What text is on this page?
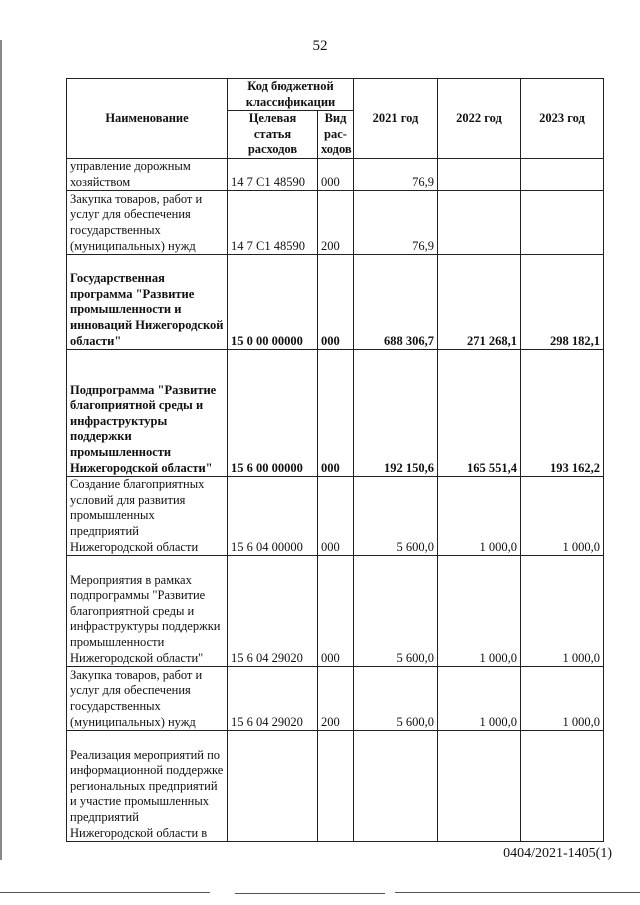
52
Наименование	Код бюджетной классификации		2021 год	2022 год	2023 год
	Целевая статья расходов	Вид рас-ходов			
управление дорожным хозяйством	14 7 С1 48590	000	76,9		
Закупка товаров, работ и услуг для обеспечения государственных (муниципальных) нужд	14 7 С1 48590	200	76,9		
Государственная программа "Развитие промышленности и инноваций Нижегородской области"	15 0 00 00000	000	688 306,7	271 268,1	298 182,1
Подпрограмма "Развитие благоприятной среды и инфраструктуры поддержки промышленности Нижегородской области"	15 6 00 00000	000	192 150,6	165 551,4	193 162,2
Создание благоприятных условий для развития промышленных предприятий Нижегородской области	15 6 04 00000	000	5 600,0	1 000,0	1 000,0
Мероприятия в рамках подпрограммы "Развитие благоприятной среды и инфраструктуры поддержки промышленности Нижегородской области"	15 6 04 29020	000	5 600,0	1 000,0	1 000,0
Закупка товаров, работ и услуг для обеспечения государственных (муниципальных) нужд	15 6 04 29020	200	5 600,0	1 000,0	1 000,0
Реализация мероприятий по информационной поддержке региональных предприятий и участие промышленных предприятий Нижегородской области в					
0404/2021-1405(1)
